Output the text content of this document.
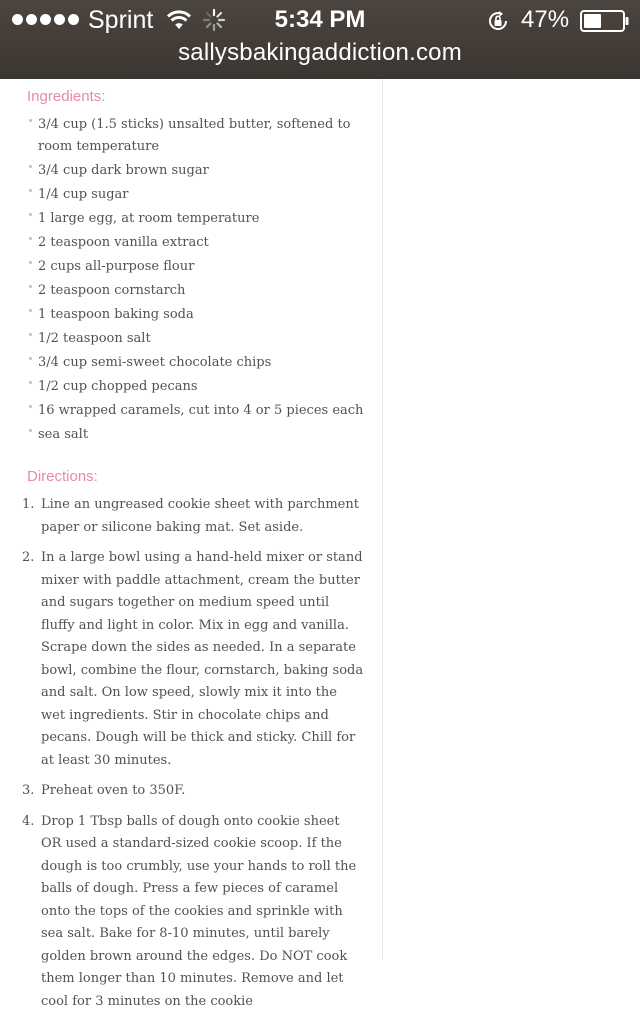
Sprint	5:34 PM	47%
sallysbakingaddiction.com
Ingredients:
3/4 cup (1.5 sticks) unsalted butter, softened to room temperature
3/4 cup dark brown sugar
1/4 cup sugar
1 large egg, at room temperature
2 teaspoon vanilla extract
2 cups all-purpose flour
2 teaspoon cornstarch
1 teaspoon baking soda
1/2 teaspoon salt
3/4 cup semi-sweet chocolate chips
1/2 cup chopped pecans
16 wrapped caramels, cut into 4 or 5 pieces each
sea salt
Directions:
1. Line an ungreased cookie sheet with parchment paper or silicone baking mat. Set aside.
2. In a large bowl using a hand-held mixer or stand mixer with paddle attachment, cream the butter and sugars together on medium speed until fluffy and light in color. Mix in egg and vanilla. Scrape down the sides as needed. In a separate bowl, combine the flour, cornstarch, baking soda and salt. On low speed, slowly mix it into the wet ingredients. Stir in chocolate chips and pecans. Dough will be thick and sticky. Chill for at least 30 minutes.
3. Preheat oven to 350F.
4. Drop 1 Tbsp balls of dough onto cookie sheet OR used a standard-sized cookie scoop. If the dough is too crumbly, use your hands to roll the balls of dough. Press a few pieces of caramel onto the tops of the cookies and sprinkle with sea salt. Bake for 8-10 minutes, until barely golden brown around the edges. Do NOT cook them longer than 10 minutes. Remove and let cool for 3 minutes on the cookie
